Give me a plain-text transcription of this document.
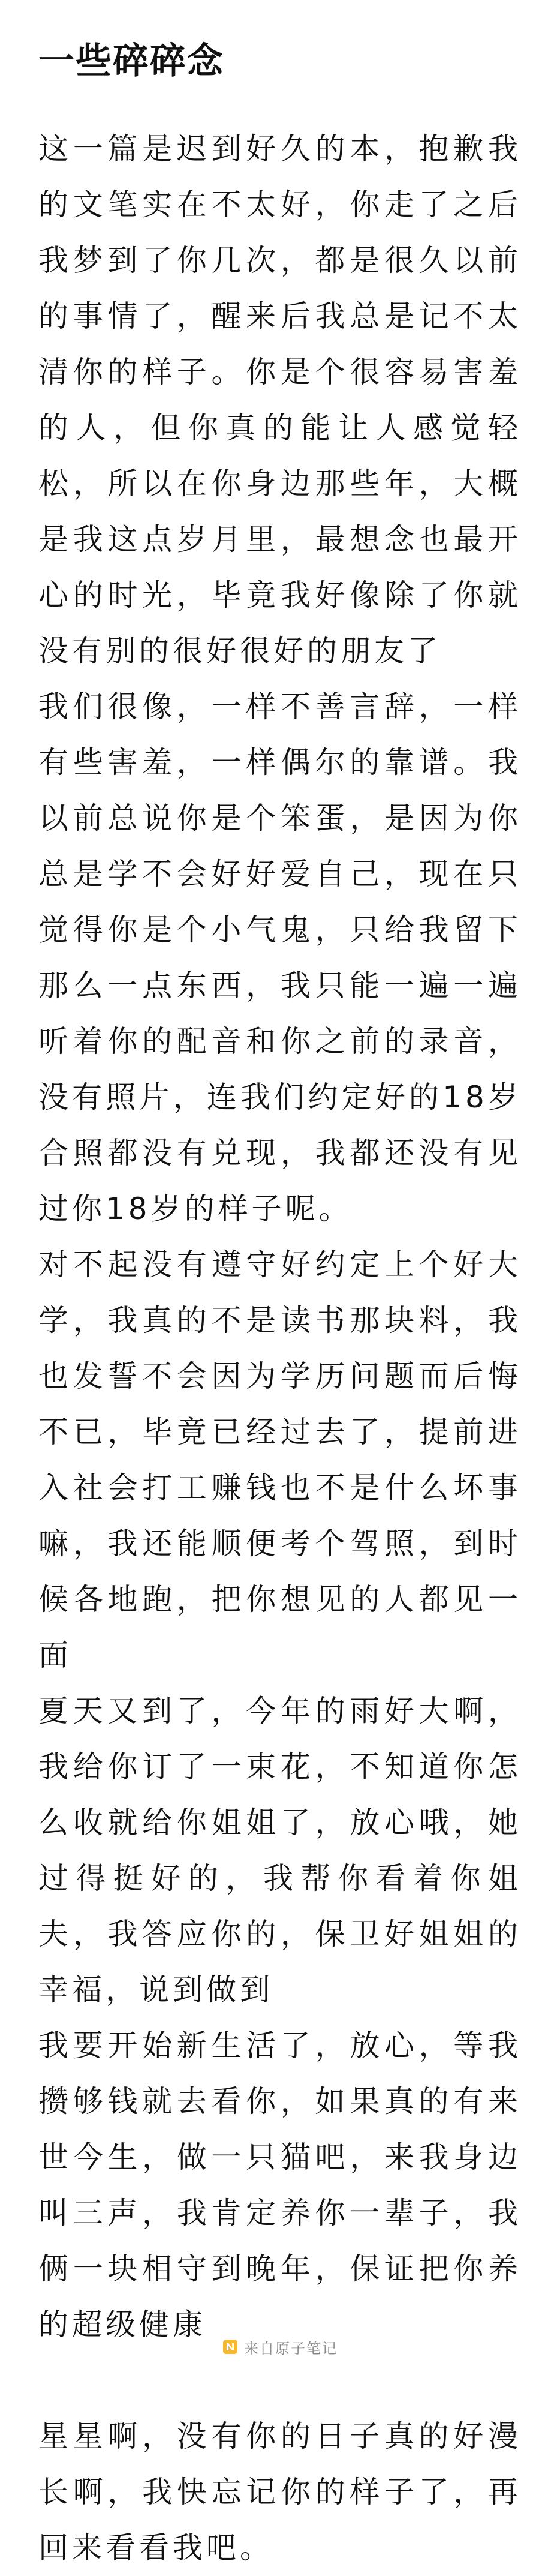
一些碎碎念

这一篇是迟到好久的本，抱歉我的文笔实在不太好，你走了之后我梦到了你几次，都是很久以前的事情了，醒来后我总是记不太清你的样子。你是个很容易害羞的人，但你真的能让人感觉轻松，所以在你身边那些年，大概是我这点岁月里，最想念也最开心的时光，毕竟我好像除了你就没有别的很好很好的朋友了

我们很像，一样不善言辞，一样有些害羞，一样偶尔的靠谱。我以前总说你是个笨蛋，是因为你总是学不会好好爱自己，现在只觉得你是个小气鬼，只给我留下那么一点东西，我只能一遍一遍听着你的配音和你之前的录音，没有照片，连我们约定好的18岁合照都没有兑现，我都还没有见过你18岁的样子呢。

对不起没有遵守好约定上个好大学，我真的不是读书那块料，我也发誓不会因为学历问题而后悔不已，毕竟已经过去了，提前进入社会打工赚钱也不是什么坏事嘛，我还能顺便考个驾照，到时候各地跑，把你想见的人都见一面

夏天又到了，今年的雨好大啊，我给你订了一束花，不知道你怎么收就给你姐姐了，放心哦，她过得挺好的，我帮你看着你姐夫，我答应你的，保卫好姐姐的幸福，说到做到

我要开始新生活了，放心，等我攒够钱就去看你，如果真的有来世今生，做一只猫吧，来我身边叫三声，我肯定养你一辈子，我俩一块相守到晚年，保证把你养的超级健康

星星啊，没有你的日子真的好漫长啊，我快忘记你的样子了，再回来看看我吧。

来自原子笔记
